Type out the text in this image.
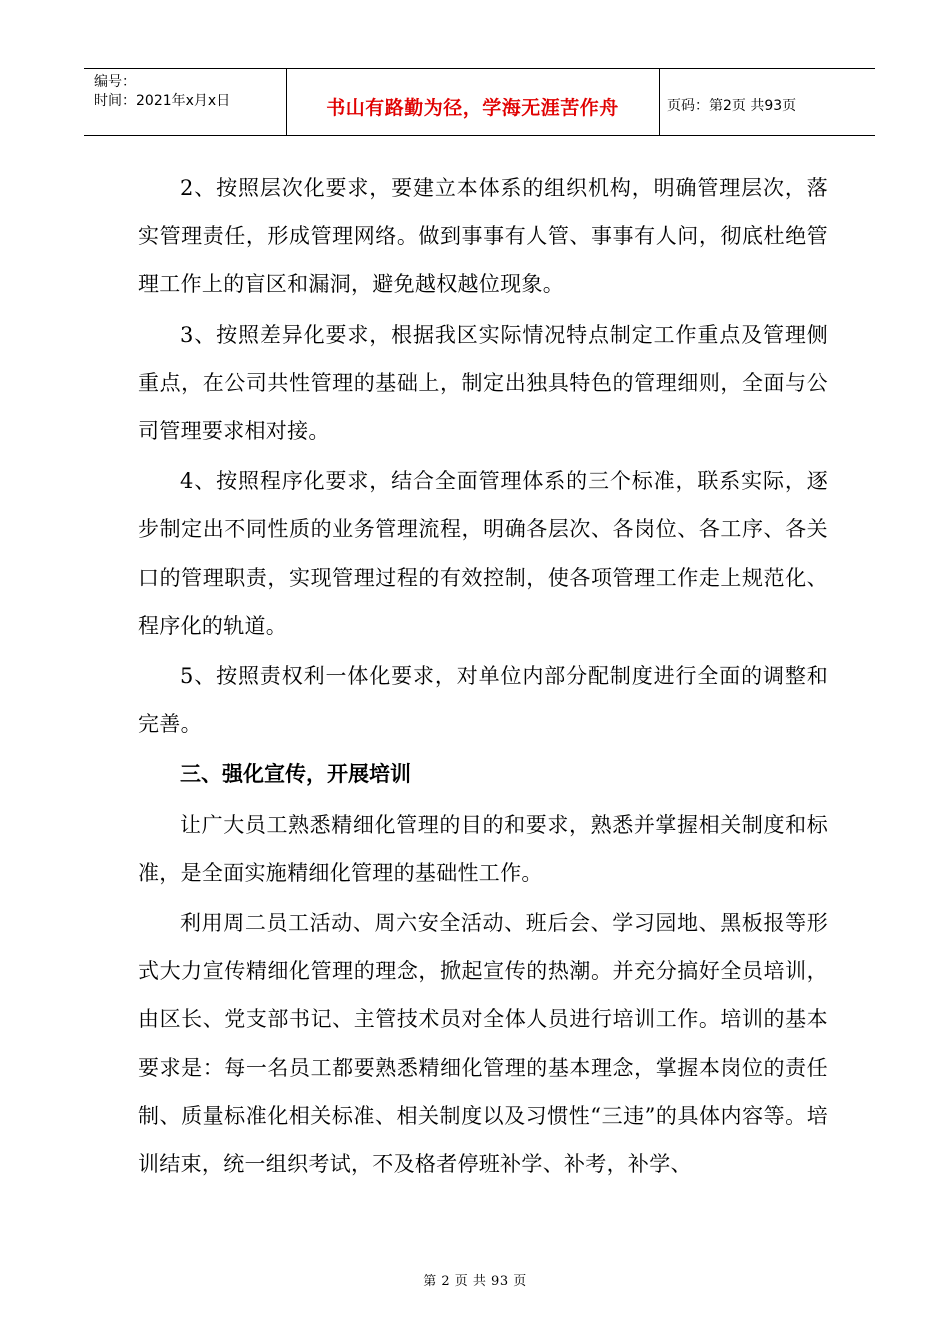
编号：
时间：2021年x月x日	书山有路勤为径，学海无涯苦作舟	页码：第2页 共93页

2、按照层次化要求，要建立本体系的组织机构，明确管理层次，落实管理责任，形成管理网络。做到事事有人管、事事有人问，彻底杜绝管理工作上的盲区和漏洞，避免越权越位现象。

3、按照差异化要求，根据我区实际情况特点制定工作重点及管理侧重点，在公司共性管理的基础上，制定出独具特色的管理细则，全面与公司管理要求相对接。

4、按照程序化要求，结合全面管理体系的三个标准，联系实际，逐步制定出不同性质的业务管理流程，明确各层次、各岗位、各工序、各关口的管理职责，实现管理过程的有效控制，使各项管理工作走上规范化、程序化的轨道。

5、按照责权利一体化要求，对单位内部分配制度进行全面的调整和完善。

三、强化宣传，开展培训

让广大员工熟悉精细化管理的目的和要求，熟悉并掌握相关制度和标准，是全面实施精细化管理的基础性工作。

利用周二员工活动、周六安全活动、班后会、学习园地、黑板报等形式大力宣传精细化管理的理念，掀起宣传的热潮。并充分搞好全员培训，由区长、党支部书记、主管技术员对全体人员进行培训工作。培训的基本要求是：每一名员工都要熟悉精细化管理的基本理念，掌握本岗位的责任制、质量标准化相关标准、相关制度以及习惯性“三违”的具体内容等。培训结束，统一组织考试，不及格者停班补学、补考，补学、

第 2 页 共 93 页
